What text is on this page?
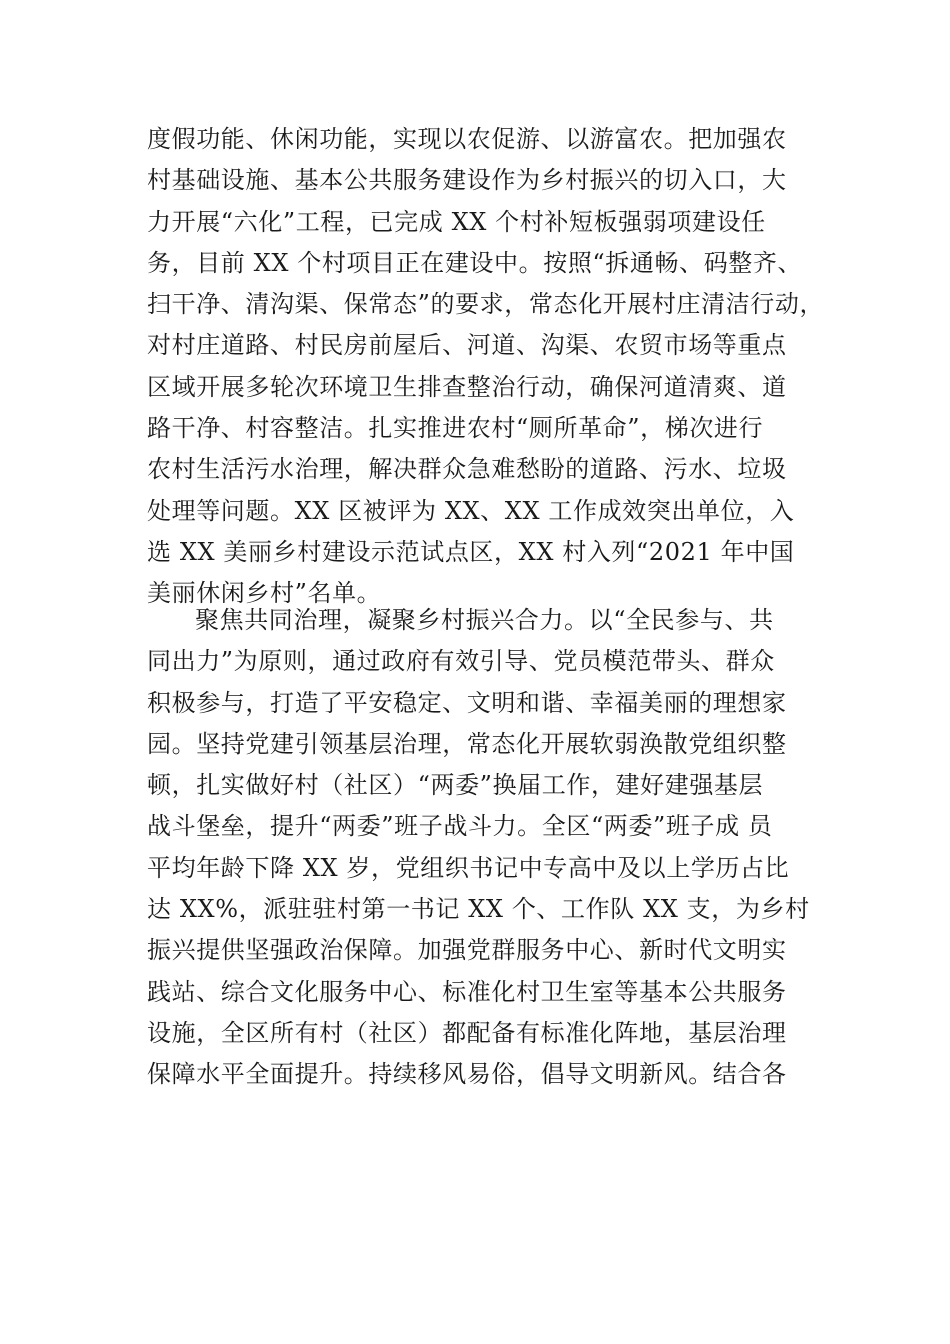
度假功能、休闲功能，实现以农促游、以游富农。把加强农
村基础设施、基本公共服务建设作为乡村振兴的切入口，大
力开展“六化”工程，已完成 XX 个村补短板强弱项建设任
务，目前 XX 个村项目正在建设中。按照“拆通畅、码整齐、
扫干净、清沟渠、保常态”的要求，常态化开展村庄清洁行动，
对村庄道路、村民房前屋后、河道、沟渠、农贸市场等重点
区域开展多轮次环境卫生排查整治行动，确保河道清爽、道
路干净、村容整洁。扎实推进农村“厕所革命”，梯次进行
农村生活污水治理，解决群众急难愁盼的道路、污水、垃圾
处理等问题。XX 区被评为 XX、XX 工作成效突出单位，入
选 XX 美丽乡村建设示范试点区，XX 村入列“2021 年中国
美丽休闲乡村”名单。
聚焦共同治理，凝聚乡村振兴合力。以“全民参与、共
同出力”为原则，通过政府有效引导、党员模范带头、群众
积极参与，打造了平安稳定、文明和谐、幸福美丽的理想家
园。坚持党建引领基层治理，常态化开展软弱涣散党组织整
顿，扎实做好村（社区）“两委”换届工作，建好建强基层
战斗堡垒，提升“两委”班子战斗力。全区“两委”班子成 员
平均年龄下降 XX 岁，党组织书记中专高中及以上学历占比
达 XX%，派驻驻村第一书记 XX 个、工作队 XX 支，为乡村
振兴提供坚强政治保障。加强党群服务中心、新时代文明实
践站、综合文化服务中心、标准化村卫生室等基本公共服务
设施，全区所有村（社区）都配备有标准化阵地，基层治理
保障水平全面提升。持续移风易俗，倡导文明新风。结合各
